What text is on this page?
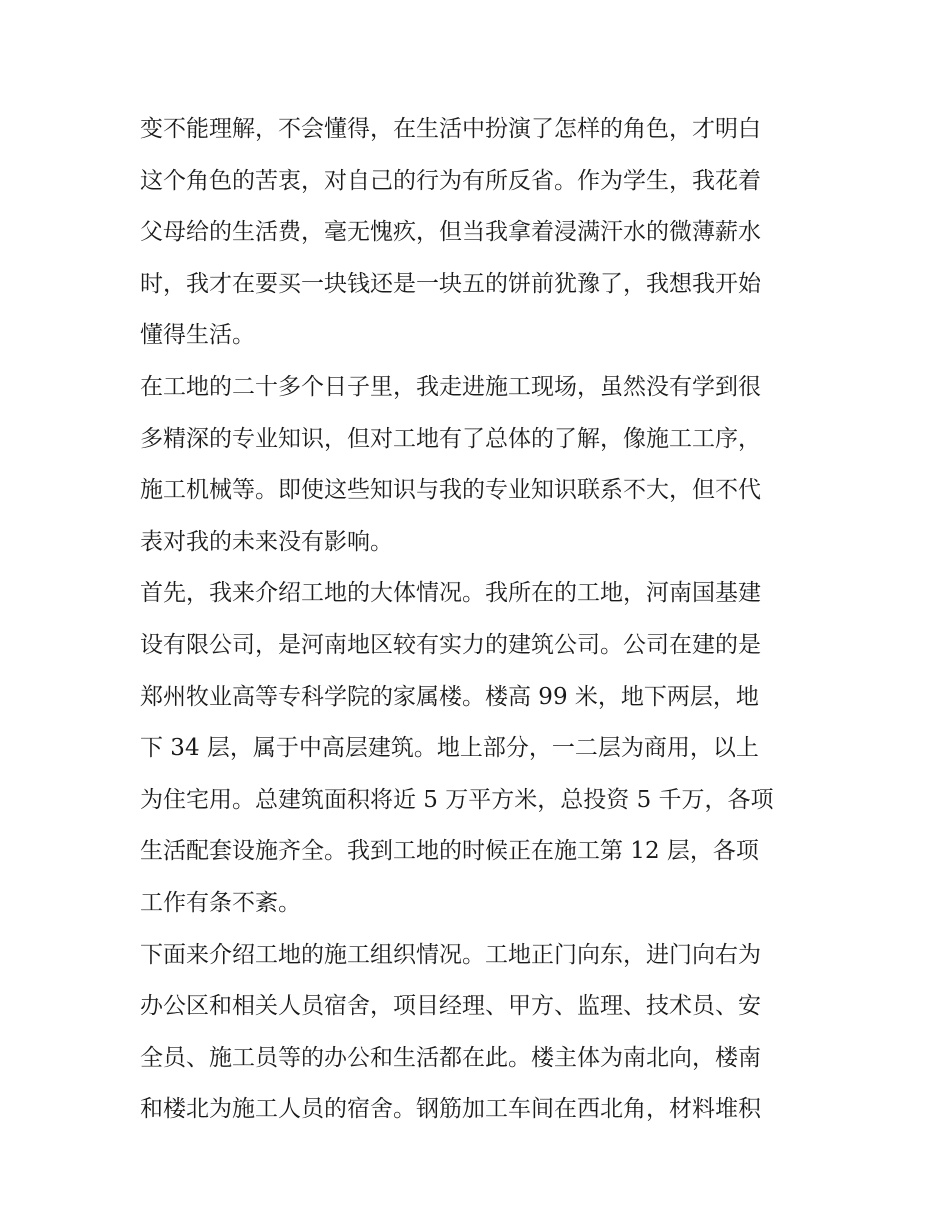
变不能理解，不会懂得，在生活中扮演了怎样的角色，才明白
这个角色的苦衷，对自己的行为有所反省。作为学生，我花着
父母给的生活费，毫无愧疚，但当我拿着浸满汗水的微薄薪水
时，我才在要买一块钱还是一块五的饼前犹豫了，我想我开始
懂得生活。
在工地的二十多个日子里，我走进施工现场，虽然没有学到很
多精深的专业知识，但对工地有了总体的了解，像施工工序，
施工机械等。即使这些知识与我的专业知识联系不大，但不代
表对我的未来没有影响。
首先，我来介绍工地的大体情况。我所在的工地，河南国基建
设有限公司，是河南地区较有实力的建筑公司。公司在建的是
郑州牧业高等专科学院的家属楼。楼高 99 米，地下两层，地
下 34 层，属于中高层建筑。地上部分，一二层为商用，以上
为住宅用。总建筑面积将近 5 万平方米，总投资 5 千万，各项
生活配套设施齐全。我到工地的时候正在施工第 12 层，各项
工作有条不紊。
下面来介绍工地的施工组织情况。工地正门向东，进门向右为
办公区和相关人员宿舍，项目经理、甲方、监理、技术员、安
全员、施工员等的办公和生活都在此。楼主体为南北向，楼南
和楼北为施工人员的宿舍。钢筋加工车间在西北角，材料堆积
